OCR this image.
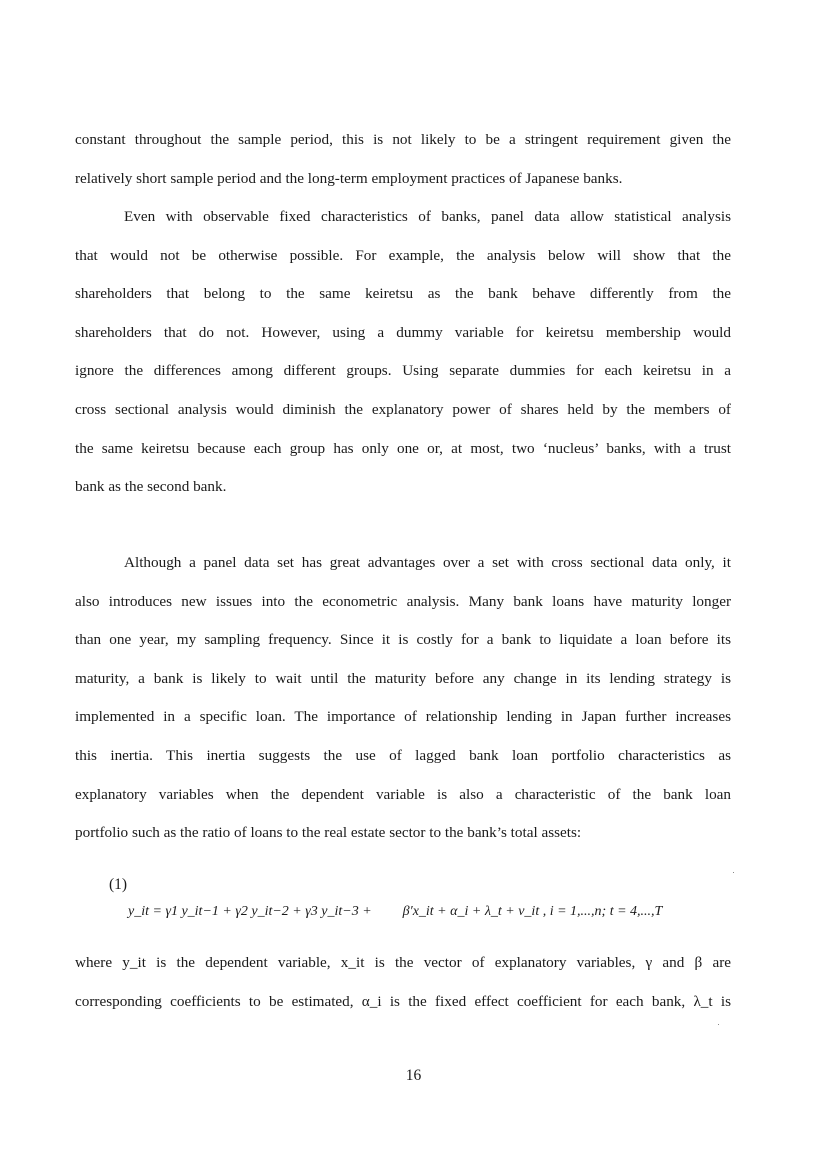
constant throughout the sample period, this is not likely to be a stringent requirement given the
relatively short sample period and the long-term employment practices of Japanese banks.

Even with observable fixed characteristics of banks, panel data allow statistical analysis
that would not be otherwise possible. For example, the analysis below will show that the
shareholders that belong to the same keiretsu as the bank behave differently from the
shareholders that do not. However, using a dummy variable for keiretsu membership would
ignore the differences among different groups. Using separate dummies for each keiretsu in a
cross sectional analysis would diminish the explanatory power of shares held by the members of
the same keiretsu because each group has only one or, at most, two ‘nucleus’ banks, with a trust
bank as the second bank.

Although a panel data set has great advantages over a set with cross sectional data only, it
also introduces new issues into the econometric analysis. Many bank loans have maturity longer
than one year, my sampling frequency. Since it is costly for a bank to liquidate a loan before its
maturity, a bank is likely to wait until the maturity before any change in its lending strategy is
implemented in a specific loan. The importance of relationship lending in Japan further increases
this inertia. This inertia suggests the use of lagged bank loan portfolio characteristics as
explanatory variables when the dependent variable is also a characteristic of the bank loan
portfolio such as the ratio of loans to the real estate sector to the bank’s total assets:

(1)
y_it = γ1 y_it−1 + γ2 y_it−2 + γ3 y_it−3 + β′x_it + α_i + λ_t + v_it , i = 1,...,n; t = 4,...,T

where y_it is the dependent variable, x_it is the vector of explanatory variables, γ and β are
corresponding coefficients to be estimated, α_i is the fixed effect coefficient for each bank, λ_t is

16
